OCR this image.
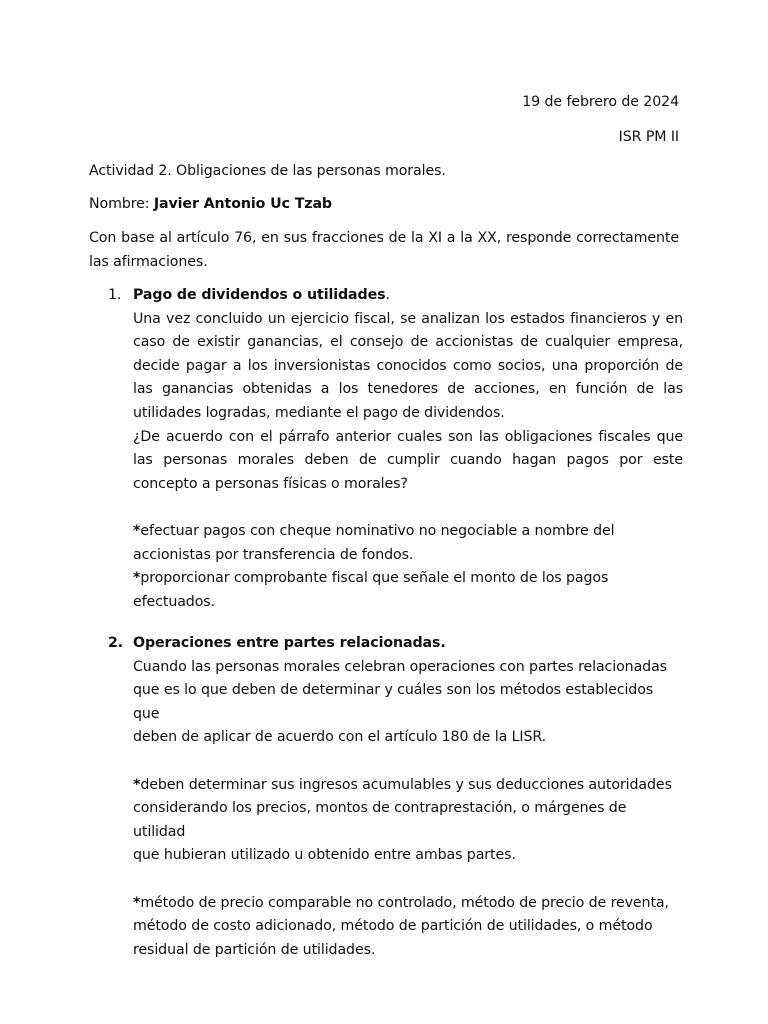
19 de febrero de 2024
ISR PM II
Actividad 2. Obligaciones de las personas morales.
Nombre: Javier Antonio Uc Tzab
Con base al artículo 76, en sus fracciones de la XI a la XX, responde correctamente las afirmaciones.
1. Pago de dividendos o utilidades.

Una vez concluido un ejercicio fiscal, se analizan los estados financieros y en caso de existir ganancias, el consejo de accionistas de cualquier empresa, decide pagar a los inversionistas conocidos como socios, una proporción de las ganancias obtenidas a los tenedores de acciones, en función de las utilidades logradas, mediante el pago de dividendos.

¿De acuerdo con el párrafo anterior cuales son las obligaciones fiscales que las personas morales deben de cumplir cuando hagan pagos por este concepto a personas físicas o morales?

*efectuar pagos con cheque nominativo no negociable a nombre del accionistas por transferencia de fondos.

*proporcionar comprobante fiscal que señale el monto de los pagos efectuados.

2. Operaciones entre partes relacionadas.

Cuando las personas morales celebran operaciones con partes relacionadas

que es lo que deben de determinar y cuáles son los métodos establecidos que

deben de aplicar de acuerdo con el artículo 180 de la LISR.

*deben determinar sus ingresos acumulables y sus deducciones autoridades

considerando los precios, montos de contraprestación, o márgenes de utilidad

que hubieran utilizado u obtenido entre ambas partes.

*método de precio comparable no controlado, método de precio de reventa,

método de costo adicionado, método de partición de utilidades, o método

residual de partición de utilidades.
